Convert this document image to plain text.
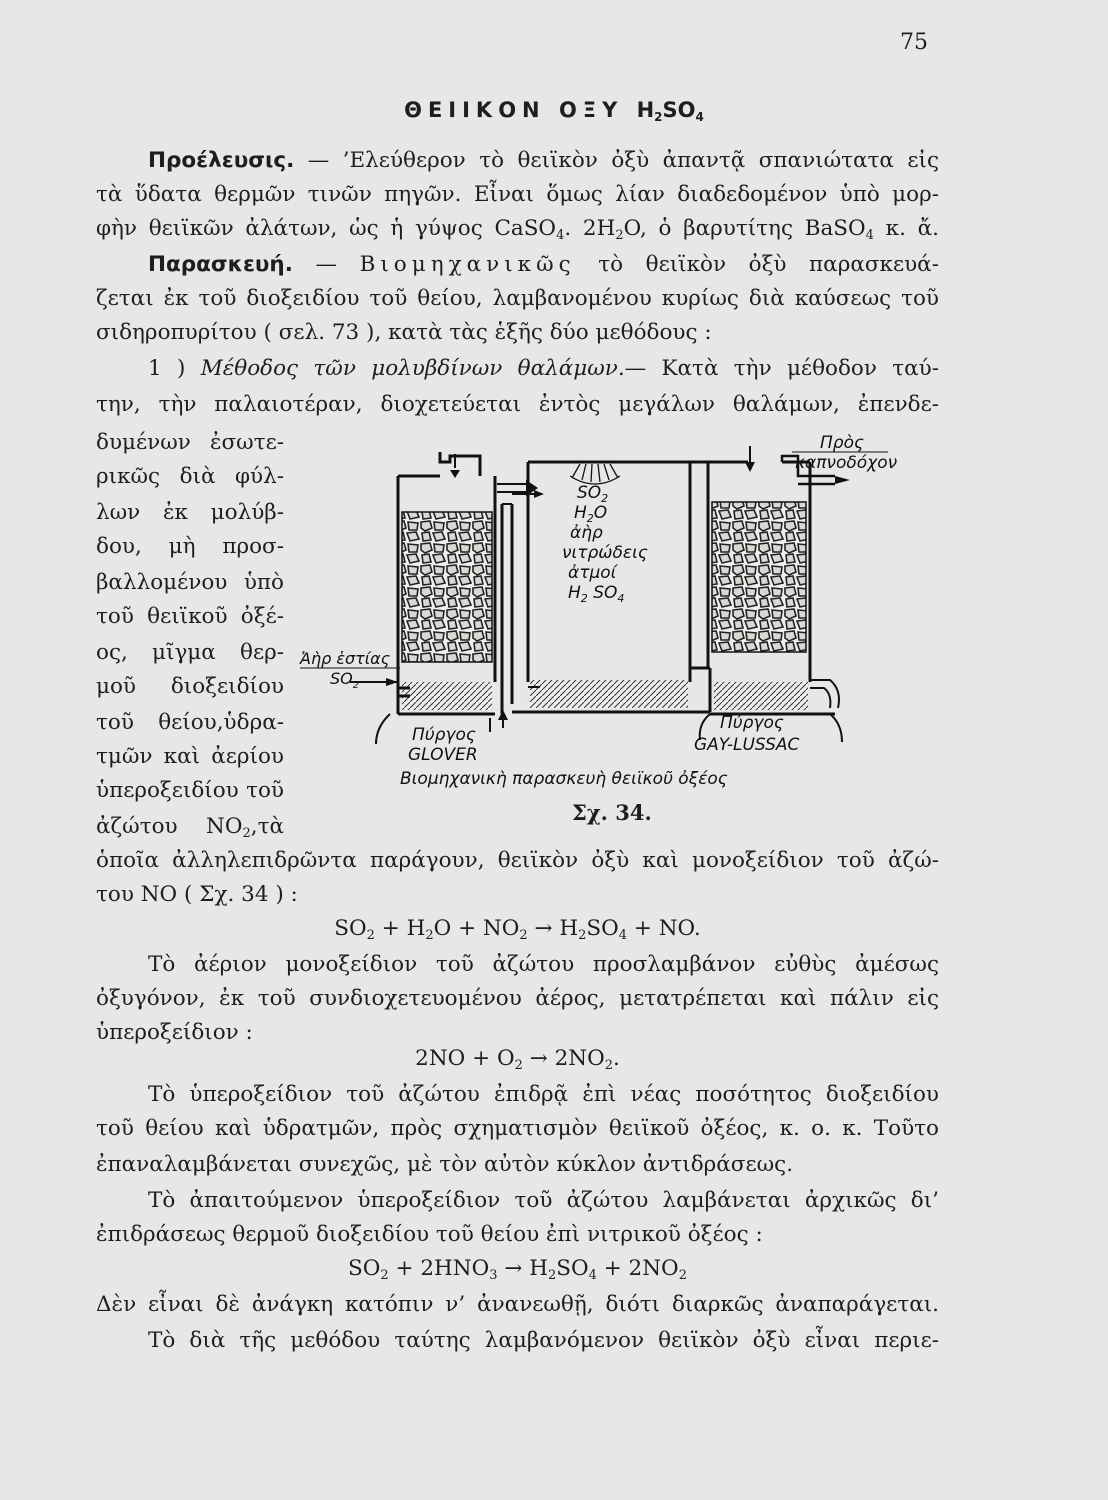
75
ΘΕΙΙΚΟΝ ΟΞΥ $H_2SO_4$
Προέλευσις. — ’Ελεύθερον τὸ θειϊκὸν ὀξὺ ἀπαντᾷ σπανιώτατα εἰς
τὰ ὕδατα θερμῶν τινῶν πηγῶν. Εἶναι ὅμως λίαν διαδεδομένον ὑπὸ μορ-
φὴν θειϊκῶν ἀλάτων, ὡς ἡ γύψος CaSO$_4$. $2H_2O$, ὁ βαρυτίτης BaSO$_4$ κ. ἄ.
Παρασκευή. — Βιομηχανικῶς τὸ θειϊκὸν ὀξὺ παρασκευά-
ζεται ἐκ τοῦ διοξειδίου τοῦ θείου, λαμβανομένου κυρίως διὰ καύσεως τοῦ
σιδηροπυρίτου ( σελ. 73 ), κατὰ τὰς ἑξῆς δύο μεθόδους :
1 ) Μέθοδος τῶν μολυβδίνων θαλάμων.— Κατὰ τὴν μέθοδον ταύ-
την, τὴν παλαιοτέραν, διοχετεύεται ἐντὸς μεγάλων θαλάμων, ἐπενδε-
δυμένων ἐσωτε-
ρικῶς διὰ φύλ-
λων ἐκ μολύβ-
δου, μὴ προσ-
βαλλομένου ὑπὸ
τοῦ θειϊκοῦ ὀξέ-
ος, μῖγμα θερ-
μοῦ διοξειδίου
τοῦ θείου,ὑδρα-
τμῶν καὶ ἀερίου
ὑπεροξειδίου τοῦ
ἀζώτου $NO_2,\tau ὰ$
Πρὸς
καπνοδόχον
$SO_2$
$H_2O$
ἀὴρ
νιτρώδεις
ἀτμοί
$H_2$ $SO_4$
Ἀὴρ ἑστίας
$SO_2$
Πύργος
GLOVER
Πύργος
GAY-LUSSAC
Βιομηχανικὴ παρασκευὴ θειϊκοῦ ὀξέος
Σχ. 34.
ὁποῖα ἀλληλεπιδρῶντα παράγουν, θειϊκὸν ὀξὺ καὶ μονοξείδιον τοῦ ἀζώ-
του NO ( Σχ. 34 ) :
$SO_2 + H_2O + NO_2 \to H_2SO_4$ + NO.
Τὸ ἀέριον μονοξείδιον τοῦ ἀζώτου προσλαμβάνον εὐθὺς ἀμέσως
ὀξυγόνον, ἐκ τοῦ συνδιοχετευομένου ἀέρος, μετατρέπεται καὶ πάλιν εἰς
ὑπεροξείδιον :
$2NO + O_2 \to 2NO_2$.
Τὸ ὑπεροξείδιον τοῦ ἀζώτου ἐπιδρᾷ ἐπὶ νέας ποσότητος διοξειδίου
τοῦ θείου καὶ ὑδρατμῶν, πρὸς σχηματισμὸν θειϊκοῦ ὀξέος, κ. ο. κ. Τοῦτο
ἐπαναλαμβάνεται συνεχῶς, μὲ τὸν αὐτὸν κύκλον ἀντιδράσεως.
Τὸ ἀπαιτούμενον ὑπεροξείδιον τοῦ ἀζώτου λαμβάνεται ἀρχικῶς δι’
ἐπιδράσεως θερμοῦ διοξειδίου τοῦ θείου ἐπὶ νιτρικοῦ ὀξέος :
$SO_2 + 2HNO_3 \to H_2SO_4 + 2NO_2$
Δὲν εἶναι δὲ ἀνάγκη κατόπιν ν’ ἀνανεωθῇ, διότι διαρκῶς ἀναπαράγεται.
Τὸ διὰ τῆς μεθόδου ταύτης λαμβανόμενον θειϊκὸν ὀξὺ εἶναι περιε-
